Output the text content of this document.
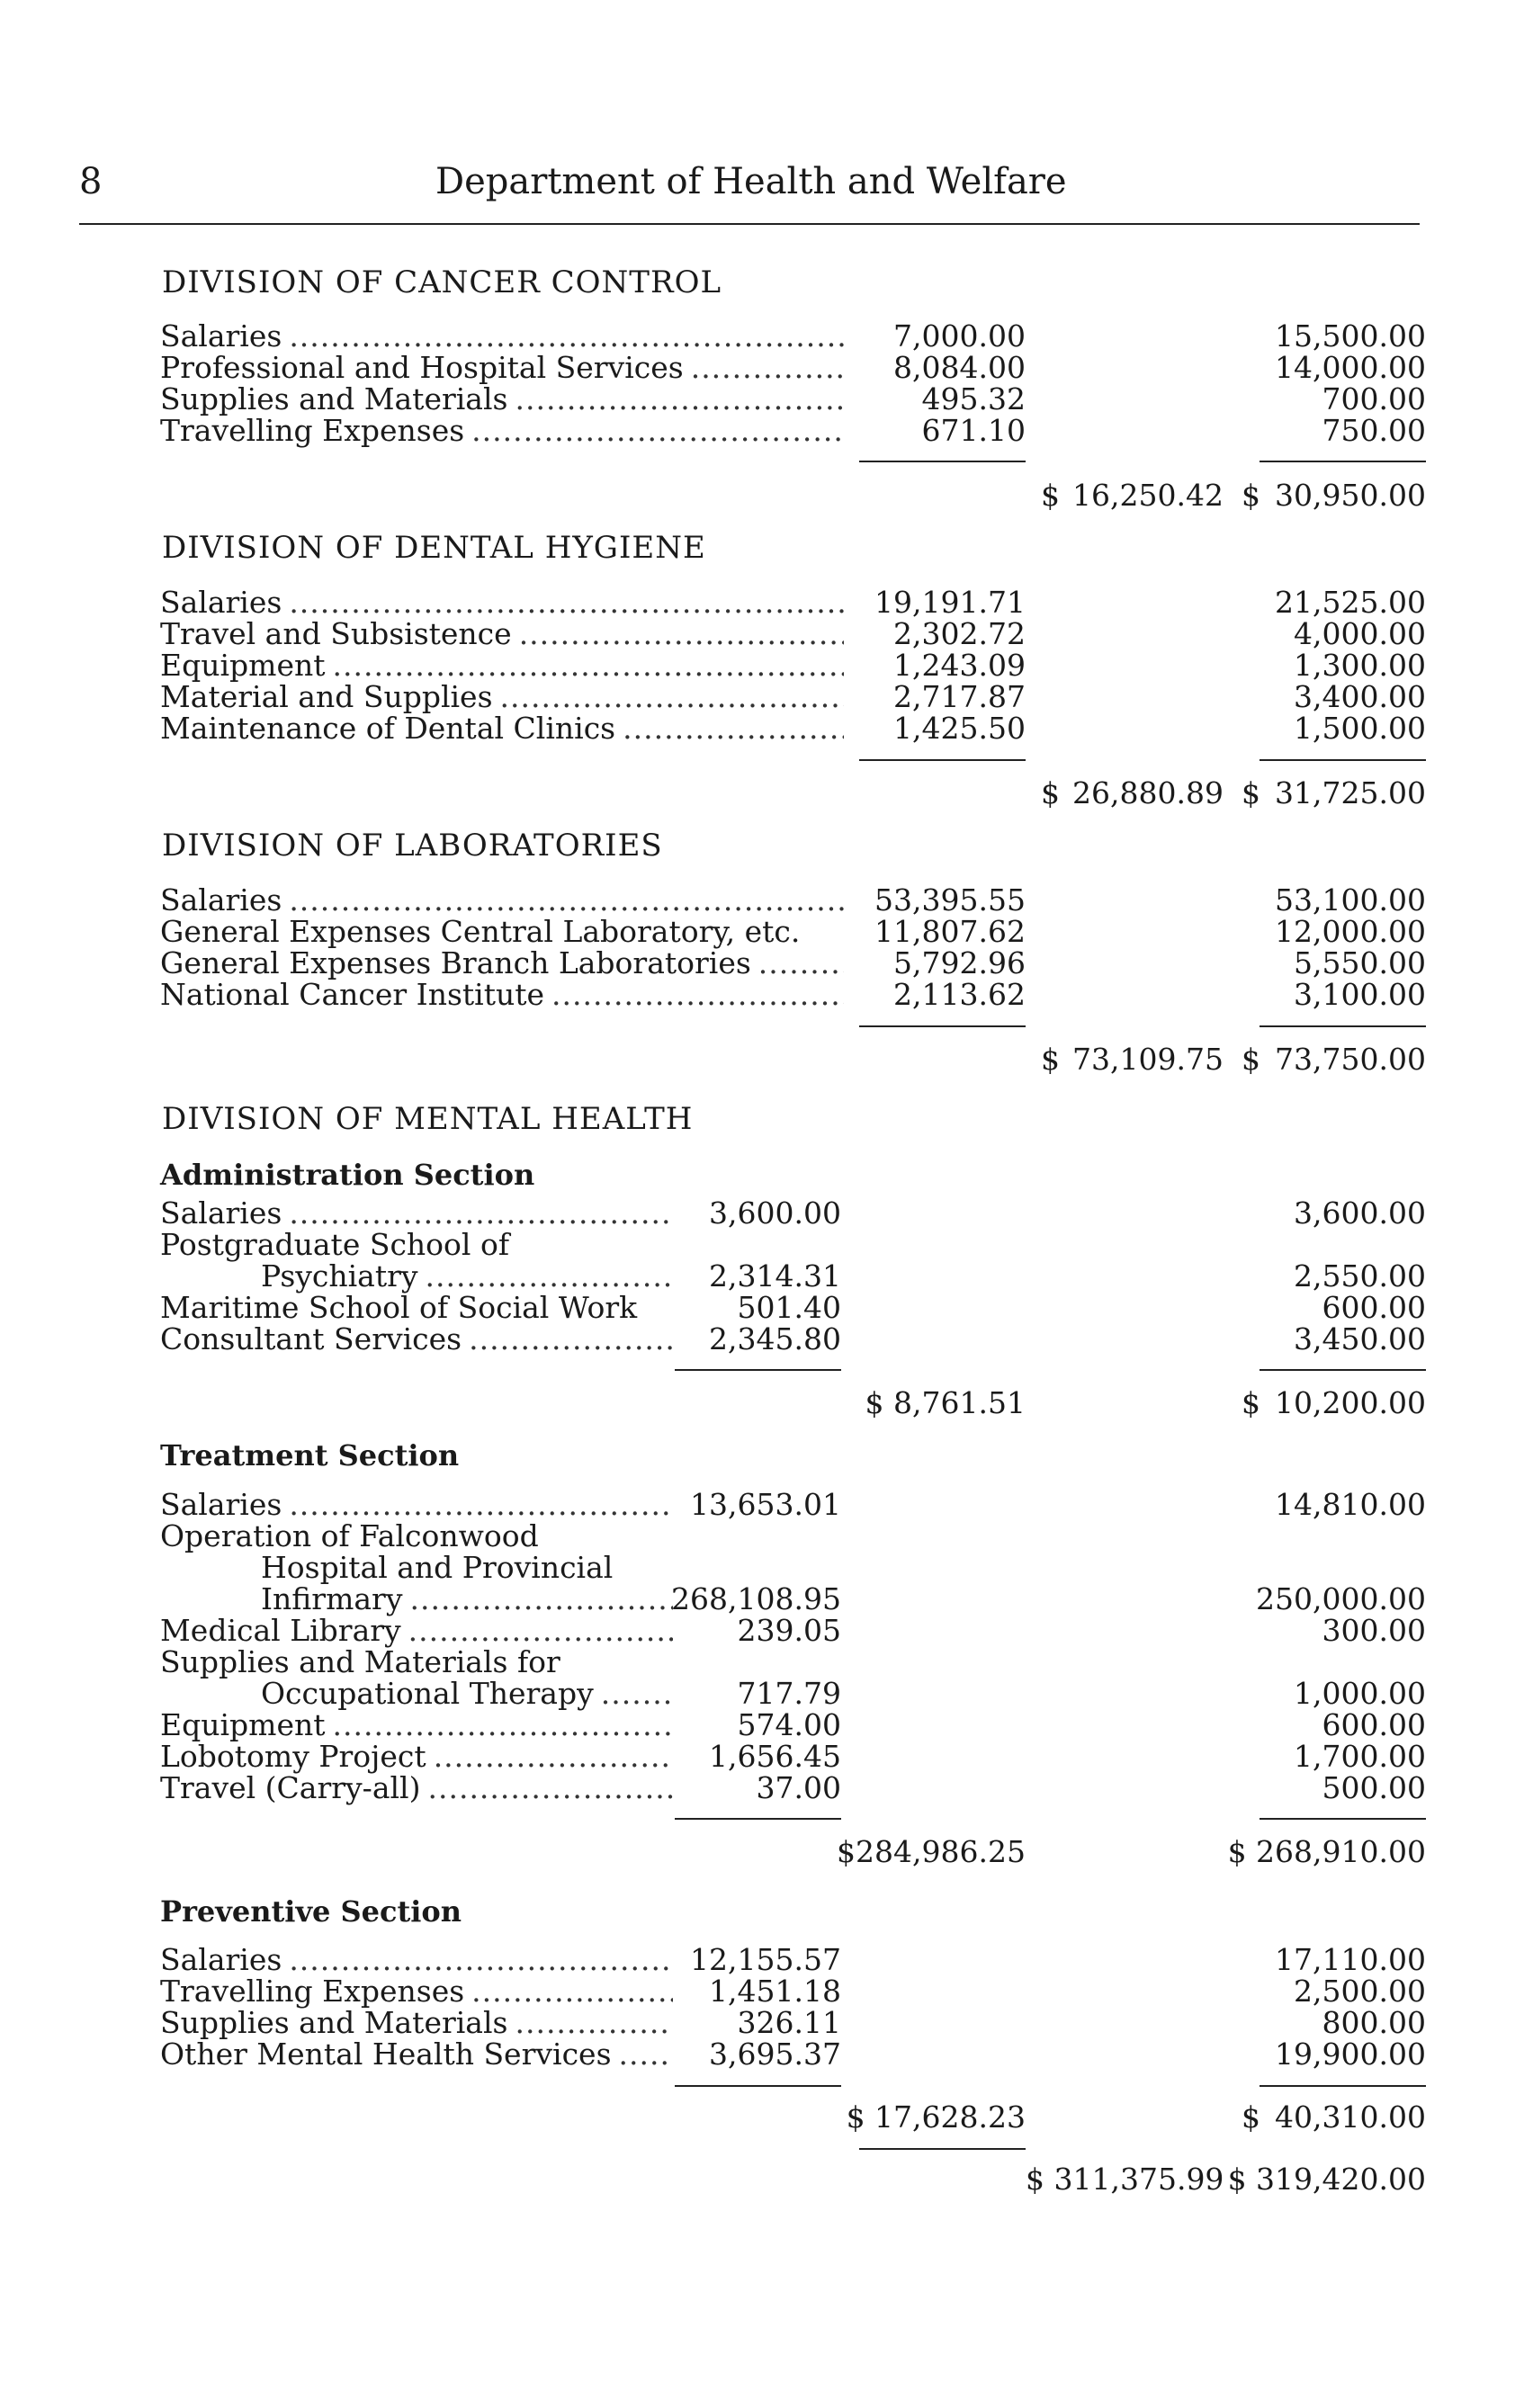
8	Department of Health and Welfare
DIVISION OF CANCER CONTROL
Salaries .....	7,000.00	15,500.00
Professional and Hospital Services .....	8,084.00	14,000.00
Supplies and Materials .....	495.32	700.00
Travelling Expenses .....	671.10	750.00
$ 16,250.42 $ 30,950.00
DIVISION OF DENTAL HYGIENE
Salaries .....	19,191.71	21,525.00
Travel and Subsistence .....	2,302.72	4,000.00
Equipment .....	1,243.09	1,300.00
Material and Supplies .....	2,717.87	3,400.00
Maintenance of Dental Clinics .....	1,425.50	1,500.00
$ 26,880.89 $ 31,725.00
DIVISION OF LABORATORIES
Salaries .....	53,395.55	53,100.00
General Expenses Central Laboratory, etc.	11,807.62	12,000.00
General Expenses Branch Laboratories .....	5,792.96	5,550.00
National Cancer Institute .....	2,113.62	3,100.00
$ 73,109.75 $ 73,750.00
DIVISION OF MENTAL HEALTH
Administration Section
Salaries .....	3,600.00	3,600.00
Postgraduate School of
Psychiatry .....	2,314.31	2,550.00
Maritime School of Social Work	501.40	600.00
Consultant Services .....	2,345.80	3,450.00
$ 8,761.51	$ 10,200.00
Treatment Section
Salaries .....	13,653.01	14,810.00
Operation of Falconwood
Hospital and Provincial
Infirmary .....	268,108.95	250,000.00
Medical Library .....	239.05	300.00
Supplies and Materials for
Occupational Therapy .....	717.79	1,000.00
Equipment .....	574.00	600.00
Lobotomy Project .....	1,656.45	1,700.00
Travel (Carry-all) .....	37.00	500.00
$284,986.25	$ 268,910.00
Preventive Section
Salaries .....	12,155.57	17,110.00
Travelling Expenses .....	1,451.18	2,500.00
Supplies and Materials .....	326.11	800.00
Other Mental Health Services .....	3,695.37	19,900.00
$ 17,628.23	$ 40,310.00
$ 311,375.99 $ 319,420.00
